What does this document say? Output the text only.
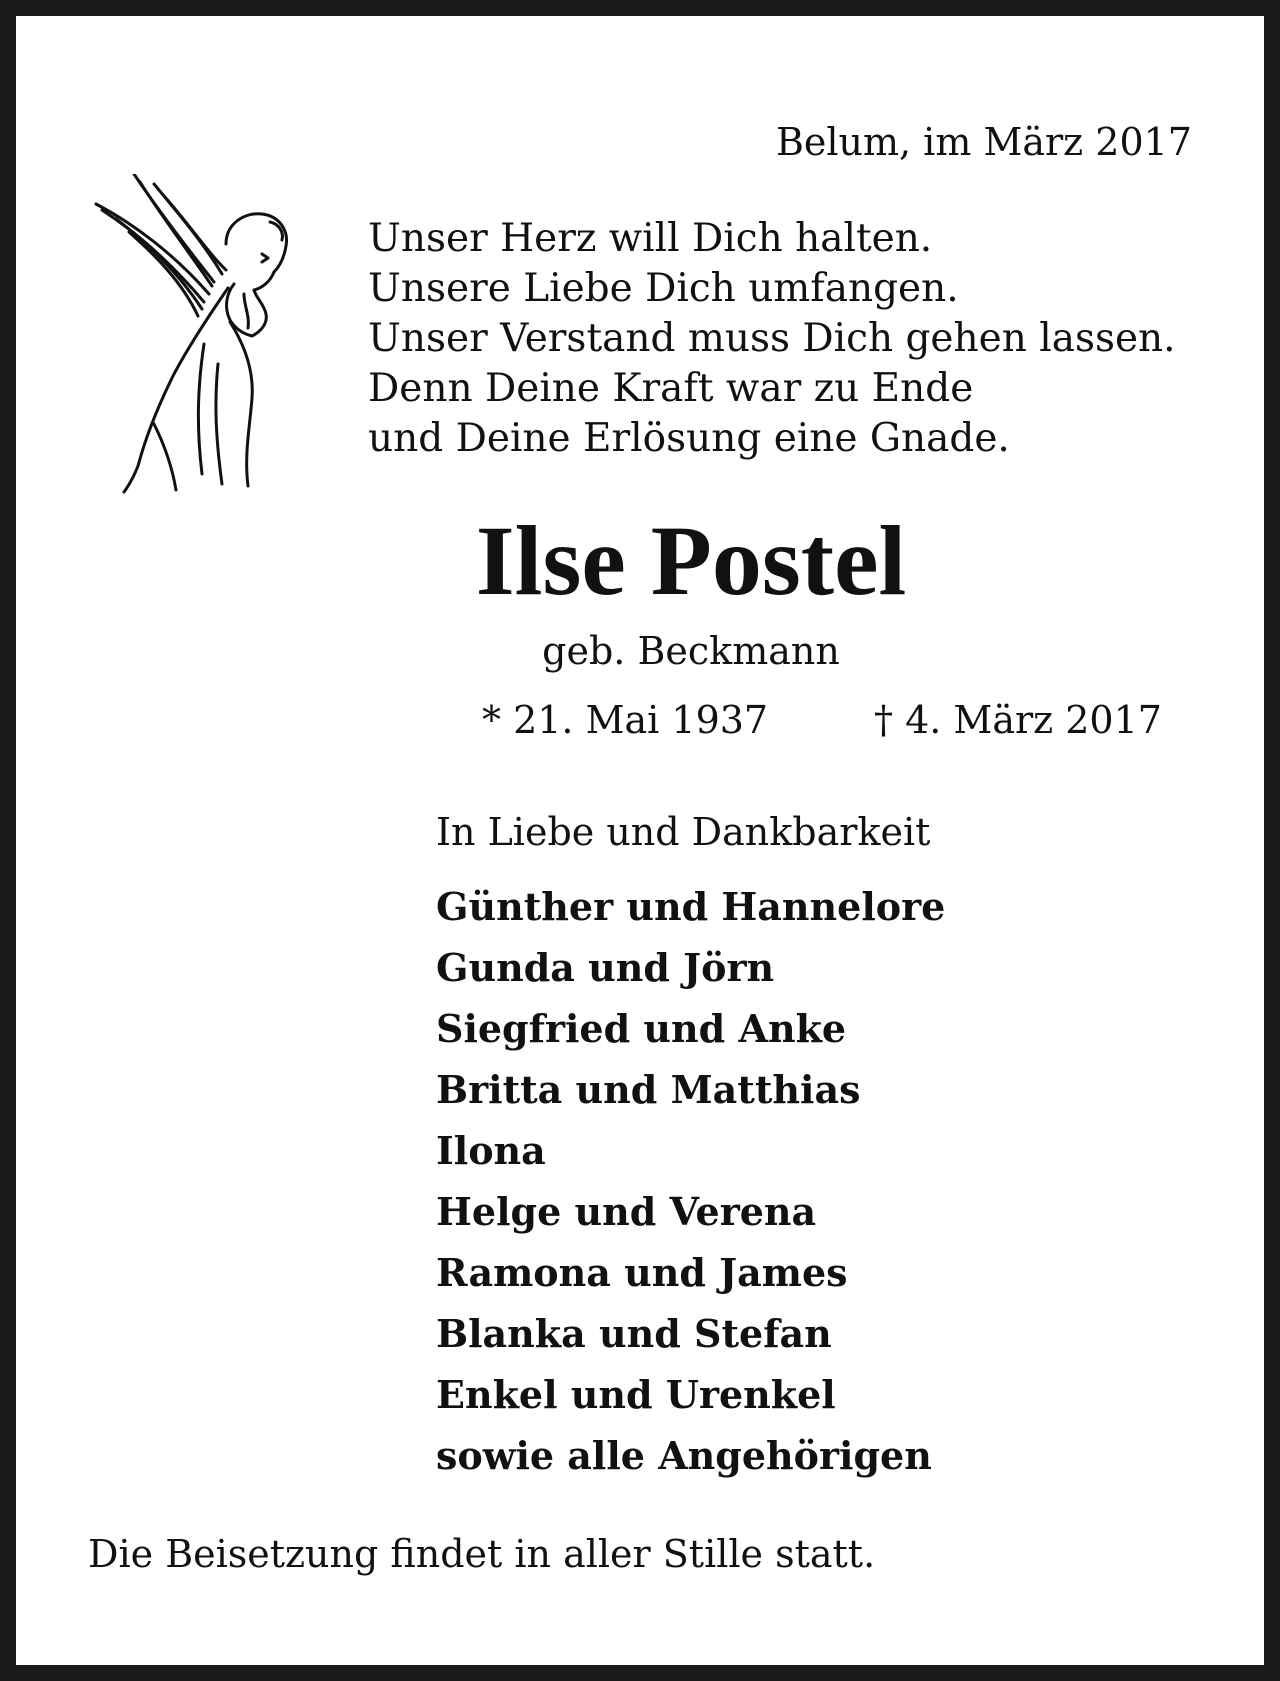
Belum, im März 2017
Unser Herz will Dich halten.
Unsere Liebe Dich umfangen.
Unser Verstand muss Dich gehen lassen.
Denn Deine Kraft war zu Ende
und Deine Erlösung eine Gnade.
Ilse Postel
geb. Beckmann
* 21. Mai 1937	† 4. März 2017
In Liebe und Dankbarkeit
Günther und Hannelore
Gunda und Jörn
Siegfried und Anke
Britta und Matthias
Ilona
Helge und Verena
Ramona und James
Blanka und Stefan
Enkel und Urenkel
sowie alle Angehörigen
Die Beisetzung findet in aller Stille statt.
